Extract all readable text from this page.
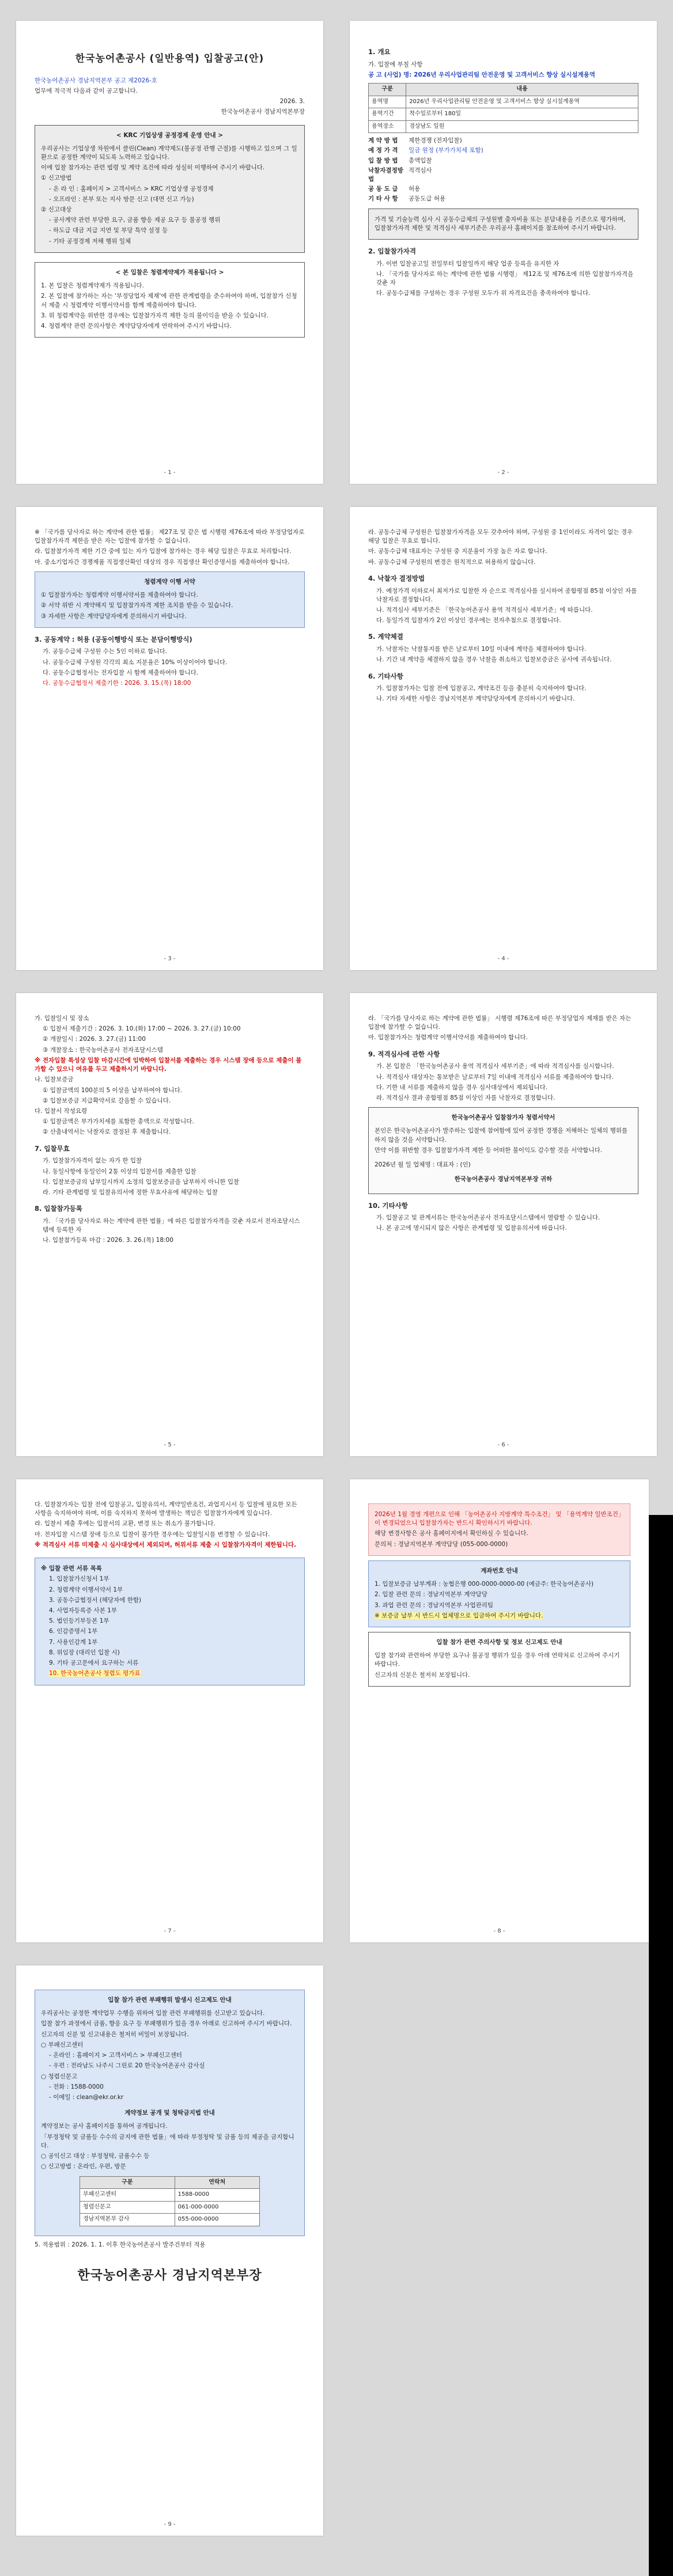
한국농어촌공사 (일반용역) 입찰공고(안)
한국농어촌공사 경남지역본부 공고 제2026-호
업무에 적극적 다음과 같이 공고합니다.
2026. 3.
한국농어촌공사 경남지역본부장
< KRC 기업상생 공정경제 운영 안내 >
우리공사는 기업상생 차원에서 클린(Clean) 계약제도(불공정 관행 근절)를 시행하고 있으며 그 일환으로 공정한 계약이 되도록 노력하고 있습니다.
이에 입찰 참가자는 관련 법령 및 계약 조건에 따라 성실히 이행하여 주시기 바랍니다.
① 신고방법
- 온 라 인 : 홈페이지 > 고객서비스 > KRC 기업상생 공정경제
- 오프라인 : 본부 또는 지사 방문 신고 (대면 신고 가능)
② 신고대상
- 공사계약 관련 부당한 요구, 금품 향응 제공 요구 등 불공정 행위
- 하도급 대금 지급 지연 및 부당 특약 설정 등
- 기타 공정경제 저해 행위 일체
< 본 입찰은 청렴계약제가 적용됩니다 >
1. 본 입찰은 청렴계약제가 적용됩니다.
2. 본 입찰에 참가하는 자는 '부정당업자 제재'에 관한 관계법령을 준수하여야 하며, 입찰참가 신청서 제출 시 청렴계약 이행서약서를 함께 제출하여야 합니다.
3. 위 청렴계약을 위반한 경우에는 입찰참가자격 제한 등의 불이익을 받을 수 있습니다.
4. 청렴계약 관련 문의사항은 계약담당자에게 연락하여 주시기 바랍니다.
- 1 -
1. 개요
가. 입찰에 부칠 사항
공 고 (사업) 명: 2026년 우리사업관리팀 안전운영 및 고객서비스 향상 실시설계용역
구분	내용
용역명	2026년 우리사업관리팀 안전운영 및 고객서비스 향상 실시설계용역
용역기간	착수일로부터 180일
용역장소	경상남도 일원
계 약 방 법	제한경쟁 (전자입찰)
예 정 가 격	일금 원정 (부가가치세 포함)
입 찰 방 법	총액입찰
낙찰자결정방법
적격심사
공 동 도 급	허용
기 타 사 항	공동도급 허용
가격 및 기술능력 심사 시 공동수급체의 구성원별 출자비율 또는 분담내용을 기준으로 평가하며, 입찰참가자격 제한 및 적격심사 세부기준은 우리공사 홈페이지를 참조하여 주시기 바랍니다.
2. 입찰참가자격
가. 이번 입찰공고일 전일부터 입찰일까지 해당 업종 등록을 유지한 자
나. 「국가를 당사자로 하는 계약에 관한 법률 시행령」 제12조 및 제76조에 의한 입찰참가자격을 갖춘 자
다. 공동수급체를 구성하는 경우 구성원 모두가 위 자격요건을 충족하여야 합니다.
- 2 -
※ 「국가를 당사자로 하는 계약에 관한 법률」 제27조 및 같은 법 시행령 제76조에 따라 부정당업자로 입찰참가자격 제한을 받은 자는 입찰에 참가할 수 없습니다.
라. 입찰참가자격 제한 기간 중에 있는 자가 입찰에 참가하는 경우 해당 입찰은 무효로 처리합니다.
마. 중소기업자간 경쟁제품 직접생산확인 대상의 경우 직접생산 확인증명서를 제출하여야 합니다.
청렴계약 이행 서약
① 입찰참가자는 청렴계약 이행서약서를 제출하여야 합니다.
② 서약 위반 시 계약해지 및 입찰참가자격 제한 조치를 받을 수 있습니다.
③ 자세한 사항은 계약담당자에게 문의하시기 바랍니다.
3. 공동계약 : 허용 (공동이행방식 또는 분담이행방식)
가. 공동수급체 구성원 수는 5인 이하로 합니다.
나. 공동수급체 구성원 각각의 최소 지분율은 10% 이상이어야 합니다.
다. 공동수급협정서는 전자입찰 시 함께 제출하여야 합니다.
다. 공동수급협정서 제출기한 : 2026. 3. 15.(목) 18:00
- 3 -
라. 공동수급체 구성원은 입찰참가자격을 모두 갖추어야 하며, 구성원 중 1인이라도 자격이 없는 경우 해당 입찰은 무효로 합니다.
마. 공동수급체 대표자는 구성원 중 지분율이 가장 높은 자로 합니다.
바. 공동수급체 구성원의 변경은 원칙적으로 허용하지 않습니다.
4. 낙찰자 결정방법
가. 예정가격 이하로서 최저가로 입찰한 자 순으로 적격심사를 실시하여 종합평점 85점 이상인 자를 낙찰자로 결정합니다.
나. 적격심사 세부기준은 「한국농어촌공사 용역 적격심사 세부기준」에 따릅니다.
다. 동일가격 입찰자가 2인 이상인 경우에는 전자추첨으로 결정합니다.
5. 계약체결
가. 낙찰자는 낙찰통지를 받은 날로부터 10일 이내에 계약을 체결하여야 합니다.
나. 기간 내 계약을 체결하지 않을 경우 낙찰을 취소하고 입찰보증금은 공사에 귀속됩니다.
6. 기타사항
가. 입찰참가자는 입찰 전에 입찰공고, 계약조건 등을 충분히 숙지하여야 합니다.
나. 기타 자세한 사항은 경남지역본부 계약담당자에게 문의하시기 바랍니다.
- 4 -
가. 입찰일시 및 장소
① 입찰서 제출기간 : 2026. 3. 10.(화) 17:00 ~ 2026. 3. 27.(금) 10:00
② 개찰일시 : 2026. 3. 27.(금) 11:00
③ 개찰장소 : 한국농어촌공사 전자조달시스템
※ 전자입찰 특성상 입찰 마감시간에 임박하여 입찰서를 제출하는 경우 시스템 장애 등으로 제출이 불가할 수 있으니 여유를 두고 제출하시기 바랍니다.
나. 입찰보증금
① 입찰금액의 100분의 5 이상을 납부하여야 합니다.
② 입찰보증금 지급확약서로 갈음할 수 있습니다.
다. 입찰서 작성요령
① 입찰금액은 부가가치세를 포함한 총액으로 작성합니다.
② 산출내역서는 낙찰자로 결정된 후 제출합니다.
7. 입찰무효
가. 입찰참가자격이 없는 자가 한 입찰
나. 동일사항에 동일인이 2통 이상의 입찰서를 제출한 입찰
다. 입찰보증금의 납부일시까지 소정의 입찰보증금을 납부하지 아니한 입찰
라. 기타 관계법령 및 입찰유의서에 정한 무효사유에 해당하는 입찰
8. 입찰참가등록
가. 「국가를 당사자로 하는 계약에 관한 법률」에 따른 입찰참가자격을 갖춘 자로서 전자조달시스템에 등록한 자
나. 입찰참가등록 마감 : 2026. 3. 26.(목) 18:00
- 5 -
라. 「국가를 당사자로 하는 계약에 관한 법률」 시행령 제76조에 따른 부정당업자 제재를 받은 자는 입찰에 참가할 수 없습니다.
마. 입찰참가자는 청렴계약 이행서약서를 제출하여야 합니다.
9. 적격심사에 관한 사항
가. 본 입찰은 「한국농어촌공사 용역 적격심사 세부기준」에 따라 적격심사를 실시합니다.
나. 적격심사 대상자는 통보받은 날로부터 7일 이내에 적격심사 서류를 제출하여야 합니다.
다. 기한 내 서류를 제출하지 않을 경우 심사대상에서 제외됩니다.
라. 적격심사 결과 종합평점 85점 이상인 자를 낙찰자로 결정합니다.
한국농어촌공사 입찰참가자 청렴서약서
본인은 한국농어촌공사가 발주하는 입찰에 참여함에 있어 공정한 경쟁을 저해하는 일체의 행위를 하지 않을 것을 서약합니다.
만약 이를 위반할 경우 입찰참가자격 제한 등 어떠한 불이익도 감수할 것을 서약합니다.
2026년 월 일 업체명 : 대표자 : (인)
한국농어촌공사 경남지역본부장 귀하
10. 기타사항
가. 입찰공고 및 관계서류는 한국농어촌공사 전자조달시스템에서 열람할 수 있습니다.
나. 본 공고에 명시되지 않은 사항은 관계법령 및 입찰유의서에 따릅니다.
- 6 -
다. 입찰참가자는 입찰 전에 입찰공고, 입찰유의서, 계약일반조건, 과업지시서 등 입찰에 필요한 모든 사항을 숙지하여야 하며, 이를 숙지하지 못하여 발생하는 책임은 입찰참가자에게 있습니다.
라. 입찰서 제출 후에는 입찰서의 교환, 변경 또는 취소가 불가합니다.
마. 전자입찰 시스템 장애 등으로 입찰이 불가한 경우에는 입찰일시를 변경할 수 있습니다.
※ 적격심사 서류 미제출 시 심사대상에서 제외되며, 허위서류 제출 시 입찰참가자격이 제한됩니다.
※ 입찰 관련 서류 목록
1. 입찰참가신청서 1부
2. 청렴계약 이행서약서 1부
3. 공동수급협정서 (해당자에 한함)
4. 사업자등록증 사본 1부
5. 법인등기부등본 1부
6. 인감증명서 1부
7. 사용인감계 1부
8. 위임장 (대리인 입찰 시)
9. 기타 공고문에서 요구하는 서류
10. 한국농어촌공사 청렴도 평가표
- 7 -
2026년 1월 경영 개편으로 인해 「농어촌공사 지방계약 특수조건」 및 「용역계약 일반조건」이 변경되었으니 입찰참가자는 반드시 확인하시기 바랍니다.
해당 변경사항은 공사 홈페이지에서 확인하실 수 있습니다.
문의처 : 경남지역본부 계약담당 (055-000-0000)
계좌번호 안내
1. 입찰보증금 납부계좌 : 농협은행 000-0000-0000-00 (예금주: 한국농어촌공사)
2. 입찰 관련 문의 : 경남지역본부 계약담당
3. 과업 관련 문의 : 경남지역본부 사업관리팀
※ 보증금 납부 시 반드시 업체명으로 입금하여 주시기 바랍니다.
입찰 참가 관련 주의사항 및 정보 신고제도 안내
입찰 참가와 관련하여 부당한 요구나 불공정 행위가 있을 경우 아래 연락처로 신고하여 주시기 바랍니다.
신고자의 신분은 철저히 보장됩니다.
- 8 -
입찰 참가 관련 부패행위 발생시 신고제도 안내
우리공사는 공정한 계약업무 수행을 위하여 입찰 관련 부패행위를 신고받고 있습니다.
입찰 참가 과정에서 금품, 향응 요구 등 부패행위가 있을 경우 아래로 신고하여 주시기 바랍니다.
신고자의 신분 및 신고내용은 철저히 비밀이 보장됩니다.
○ 부패신고센터
- 온라인 : 홈페이지 > 고객서비스 > 부패신고센터
- 우편 : 전라남도 나주시 그린로 20 한국농어촌공사 감사실
○ 청렴신문고
- 전화 : 1588-0000
- 이메일 : clean@ekr.or.kr
계약정보 공개 및 청탁금지법 안내
계약정보는 공사 홈페이지를 통하여 공개됩니다.
「부정청탁 및 금품등 수수의 금지에 관한 법률」에 따라 부정청탁 및 금품 등의 제공을 금지합니다.
○ 공익신고 대상 : 부정청탁, 금품수수 등
○ 신고방법 : 온라인, 우편, 방문
구분	연락처
부패신고센터	1588-0000
청렴신문고	061-000-0000
경남지역본부 감사	055-000-0000
5. 적용범위 : 2026. 1. 1. 이후 한국농어촌공사 발주건부터 적용
한국농어촌공사 경남지역본부장
- 9 -
